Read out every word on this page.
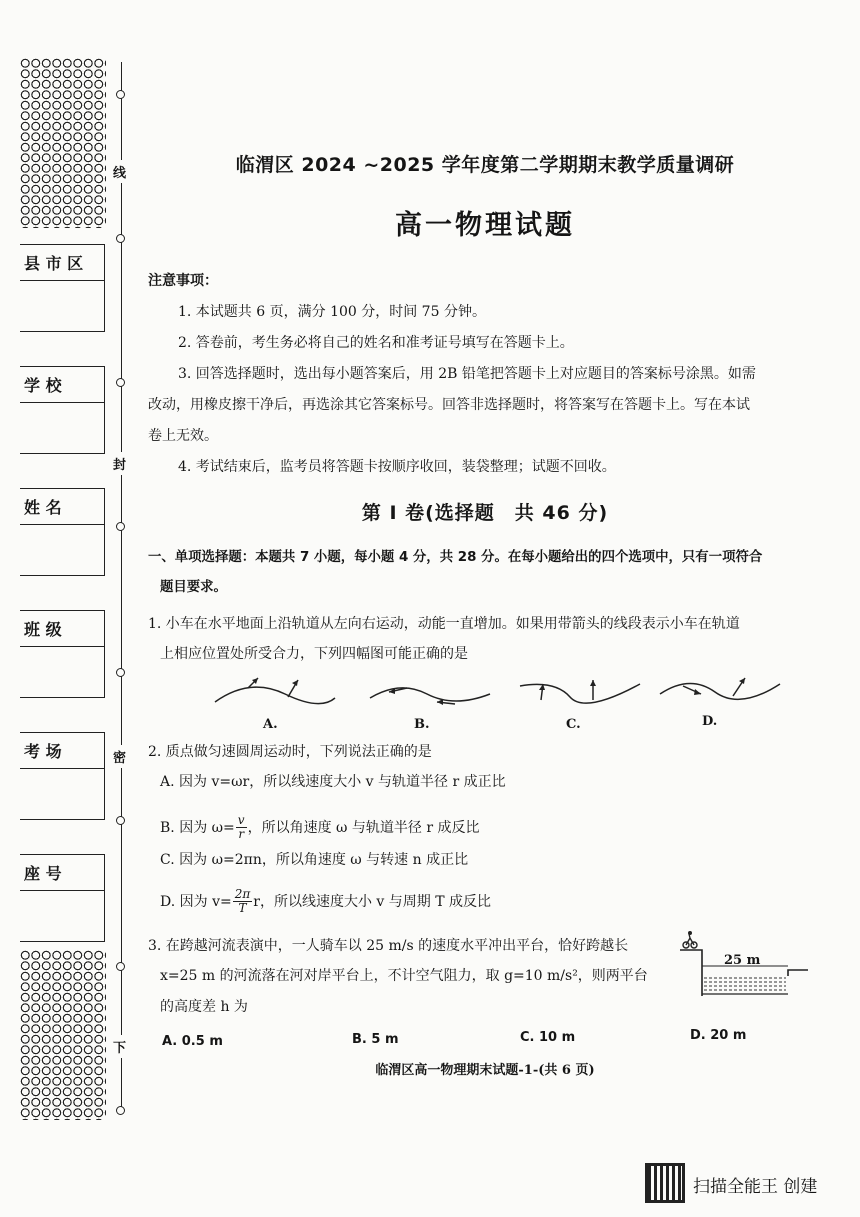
县 市 区
学 校
姓 名
班 级
考 场
座 号
线
封
密
下
临渭区 2024 ~2025 学年度第二学期期末教学质量调研
高一物理试题
注意事项：
1. 本试题共 6 页，满分 100 分，时间 75 分钟。
2. 答卷前，考生务必将自己的姓名和准考证号填写在答题卡上。
3. 回答选择题时，选出每小题答案后，用 2B 铅笔把答题卡上对应题目的答案标号涂黑。如需
改动，用橡皮擦干净后，再选涂其它答案标号。回答非选择题时，将答案写在答题卡上。写在本试
卷上无效。
4. 考试结束后，监考员将答题卡按顺序收回，装袋整理；试题不回收。
第 Ⅰ 卷(选择题　共 46 分)
一、单项选择题：本题共 7 小题，每小题 4 分，共 28 分。在每小题给出的四个选项中，只有一项符合
题目要求。
1. 小车在水平地面上沿轨道从左向右运动，动能一直增加。如果用带箭头的线段表示小车在轨道
上相应位置处所受合力，下列四幅图可能正确的是
A.	B.	C.	D.
2. 质点做匀速圆周运动时，下列说法正确的是
A. 因为 v=ωr，所以线速度大小 v 与轨道半径 r 成正比
B. 因为 $\omega= \frac{v}{r}$ ，所以角速度 ω 与轨道半径 r 成反比
C. 因为 ω=2πn，所以角速度 ω 与转速 n 成正比
D. 因为 $v= \frac{2\pi}{T}$ r，所以线速度大小 v 与周期 T 成反比
3. 在跨越河流表演中，一人骑车以 25 m/s 的速度水平冲出平台，恰好跨越长
x=25 m 的河流落在河对岸平台上，不计空气阻力，取 g=10 m/s²，则两平台
的高度差 h 为
25 m
A. 0.5 m	B. 5 m	C. 10 m	D. 20 m
临渭区高一物理期末试题-1-(共 6 页)
扫描全能王 创建
